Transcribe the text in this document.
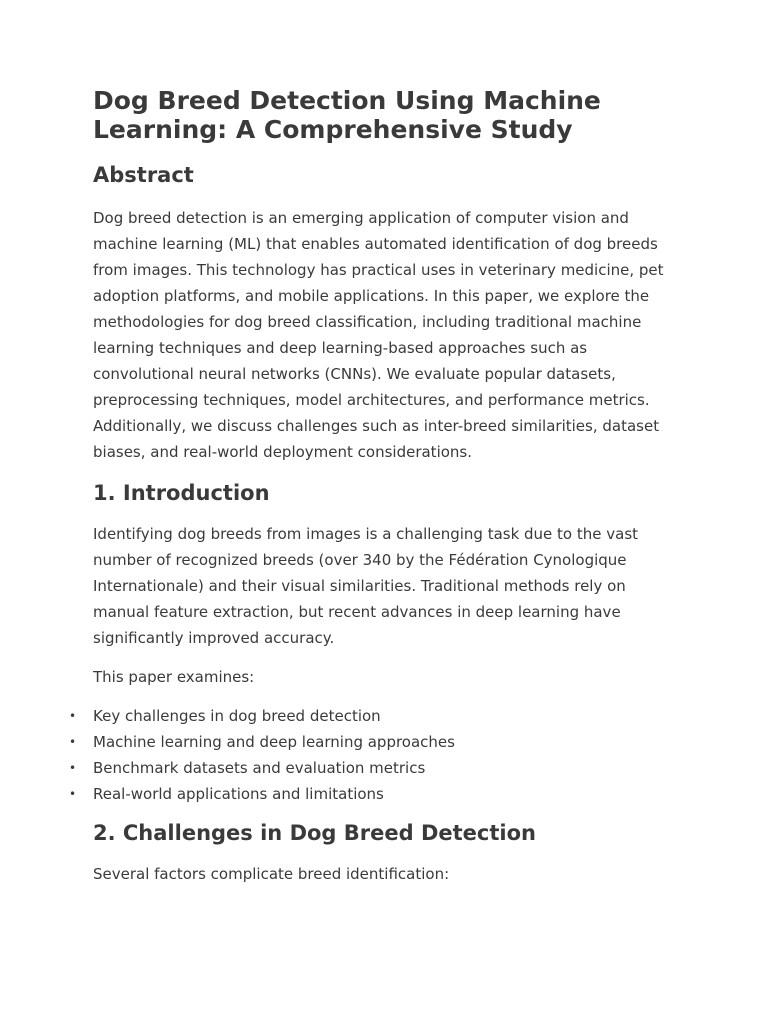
Dog Breed Detection Using Machine Learning: A Comprehensive Study
Abstract

Dog breed detection is an emerging application of computer vision and machine learning (ML) that enables automated identification of dog breeds from images. This technology has practical uses in veterinary medicine, pet adoption platforms, and mobile applications. In this paper, we explore the methodologies for dog breed classification, including traditional machine learning techniques and deep learning-based approaches such as convolutional neural networks (CNNs). We evaluate popular datasets, preprocessing techniques, model architectures, and performance metrics. Additionally, we discuss challenges such as inter-breed similarities, dataset biases, and real-world deployment considerations.

1. Introduction

Identifying dog breeds from images is a challenging task due to the vast number of recognized breeds (over 340 by the Fédération Cynologique Internationale) and their visual similarities. Traditional methods rely on manual feature extraction, but recent advances in deep learning have significantly improved accuracy.

This paper examines:

• Key challenges in dog breed detection
• Machine learning and deep learning approaches
• Benchmark datasets and evaluation metrics
• Real-world applications and limitations
2. Challenges in Dog Breed Detection

Several factors complicate breed identification:
